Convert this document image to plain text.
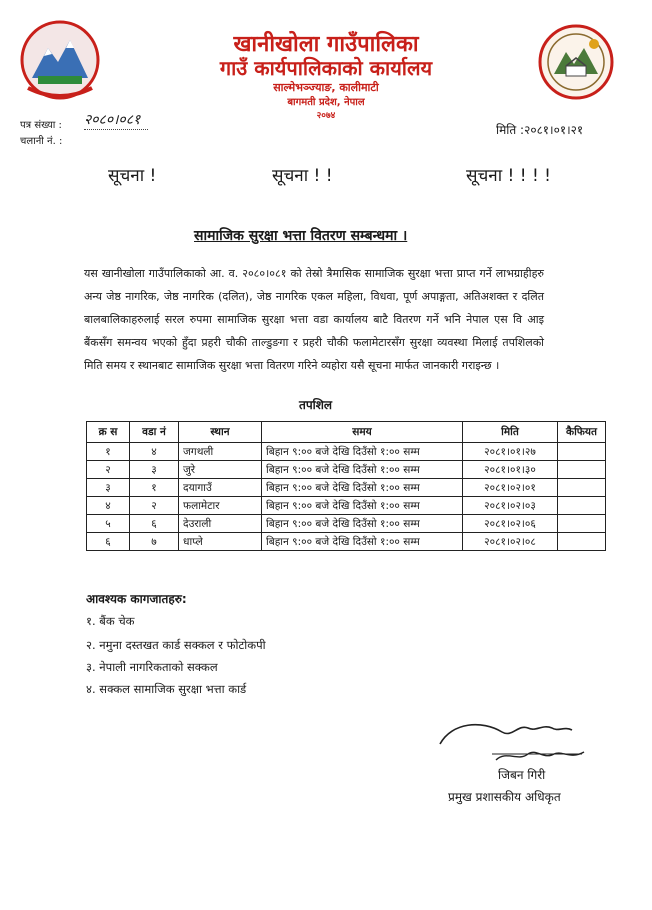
खानीखोला गाउँपालिका
गाउँ कार्यपालिकाको कार्यालय
साल्मेभञ्ज्याङ, कालीमाटी
बागमती प्रदेश, नेपाल
२०७४
पत्र संख्या : २०८०।०८१
चलानी नं. :
मिति :२०८१।०१।२१
सूचना !	सूचना ! !	सूचना ! ! ! !
सामाजिक सुरक्षा भत्ता वितरण सम्बन्धमा ।
यस खानीखोला गाउँपालिकाको आ. व. २०८०।०८१ को तेस्रो त्रैमासिक सामाजिक सुरक्षा भत्ता प्राप्त गर्ने लाभग्राहीहरु अन्य जेष्ठ नागरिक, जेष्ठ नागरिक (दलित), जेष्ठ नागरिक एकल महिला, विधवा, पूर्ण अपाङ्गता, अतिअशक्त र दलित बालबालिकाहरुलाई सरल रुपमा सामाजिक सुरक्षा भत्ता वडा कार्यालय बाटै वितरण गर्ने भनि नेपाल एस वि आइ बैंकसँग समन्वय भएको हुँदा प्रहरी चौकी ताल्डुङगा र प्रहरी चौकी फलामेटारसँग सुरक्षा व्यवस्था मिलाई तपशिलको मिति समय र स्थानबाट सामाजिक सुरक्षा भत्ता वितरण गरिने व्यहोरा यसै सूचना मार्फत जानकारी गराइन्छ ।
तपशिल
क्र स	वडा नं	स्थान	समय	मिति	कैफियत
१	४	जगथली	बिहान ९:०० बजे देखि दिउँसो १:०० सम्म	२०८१।०१।२७	
२	३	जुरे	बिहान ९:०० बजे देखि दिउँसो १:०० सम्म	२०८१।०१।३०	
३	१	दयागाउँ	बिहान ९:०० बजे देखि दिउँसो १:०० सम्म	२०८१।०२।०१	
४	२	फलामेटार	बिहान ९:०० बजे देखि दिउँसो १:०० सम्म	२०८१।०२।०३	
५	६	देउराली	बिहान ९:०० बजे देखि दिउँसो १:०० सम्म	२०८१।०२।०६	
६	७	धाप्ले	बिहान ९:०० बजे देखि दिउँसो १:०० सम्म	२०८१।०२।०८	
आवश्यक कागजातहरु:
१. बैंक चेक
२. नमुना दस्तखत कार्ड सक्कल र फोटोकपी
३. नेपाली नागरिकताको सक्कल
४. सक्कल सामाजिक सुरक्षा भत्ता कार्ड
जिबन गिरी
प्रमुख प्रशासकीय अधिकृत
